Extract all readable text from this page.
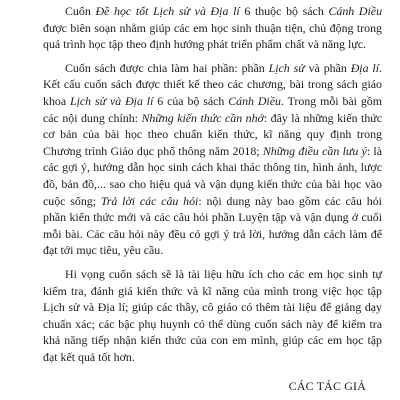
Cuốn Đề học tốt Lịch sử và Địa lí 6 thuộc bộ sách Cánh Diều được biên soạn nhằm giúp các em học sinh thuận tiện, chủ động trong quá trình học tập theo định hướng phát triển phẩm chất và năng lực.

Cuốn sách được chia làm hai phần: phần Lịch sử và phần Địa lí. Kết cấu cuốn sách được thiết kế theo các chương, bài trong sách giáo khoa Lịch sử và Địa lí 6 của bộ sách Cánh Diều. Trong mỗi bài gồm các nội dung chính: Những kiến thức cần nhớ: đây là những kiến thức cơ bản của bài học theo chuẩn kiến thức, kĩ năng quy định trong Chương trình Giáo dục phổ thông năm 2018; Những điều cần lưu ý: là các gợi ý, hướng dẫn học sinh cách khai thác thông tin, hình ảnh, lược đồ, bản đồ,... sao cho hiệu quả và vận dụng kiến thức của bài học vào cuộc sống; Trả lời các câu hỏi: nội dung này bao gồm các câu hỏi phần kiến thức mới và các câu hỏi phần Luyện tập và vận dụng ở cuối mỗi bài. Các câu hỏi này đều có gợi ý trả lời, hướng dẫn cách làm để đạt tới mục tiêu, yêu cầu.

Hi vọng cuốn sách sẽ là tài liệu hữu ích cho các em học sinh tự kiểm tra, đánh giá kiến thức và kĩ năng của mình trong việc học tập Lịch sử và Địa lí; giúp các thầy, cô giáo có thêm tài liệu để giảng dạy chuẩn xác; các bậc phụ huynh có thể dùng cuốn sách này để kiểm tra khả năng tiếp nhận kiến thức của con em mình, giúp các em học tập đạt kết quả tốt hơn.

CÁC TÁC GIẢ
